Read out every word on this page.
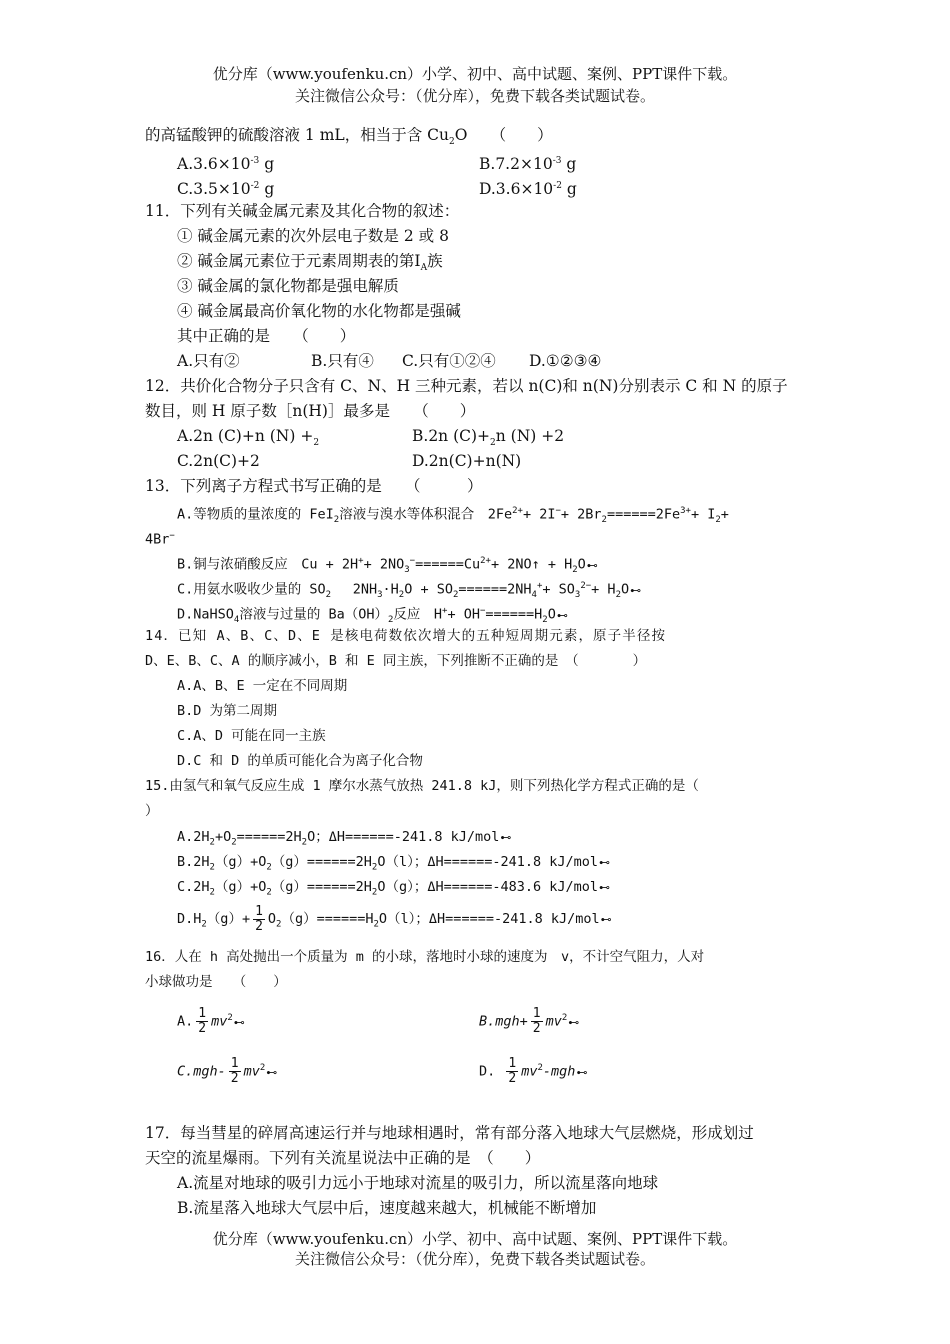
优分库（www.youfenku.cn）小学、初中、高中试题、案例、PPT课件下载。
关注微信公众号：（优分库），免费下载各类试题试卷。
的高锰酸钾的硫酸溶液 1 mL，相当于含 $Cu_2O$　　（　　）
$A.3.6\times 10^{-3}$ g	$B.7.2\times 10^{-3}$ g
$C.3.5\times 10^{-2}$ g	$D.3.6\times 10^{-2}$ g
11．下列有关碱金属元素及其化合物的叙述：
① 碱金属元素的次外层电子数是 2 或 8
② 碱金属元素位于元素周期表的第$Ⅰ_A$族
③ 碱金属的氯化物都是强电解质
④ 碱金属最高价氧化物的水化物都是强碱
其中正确的是　　（　　）
A.只有②	B.只有④ C.只有①②④ D.①②③④
12．共价化合物分子只含有 C、N、H 三种元素，若以 n(C)和 n(N)分别表示 C 和 N 的原子
数目，则 H 原子数［n(H)］最多是　　（　　）
A.2n (C)+n $(N) +_2$	B.2n $(C)+_2n$ (N) +2
C.2n(C)+2	D.2n(C)+n(N)
13．下列离子方程式书写正确的是　　（　　　）
A.等物质的量浓度的 FeI$_2$溶液与溴水等体积混合　$2Fe^{2+}+ 2I^-+ 2Br_2======2Fe^{3+}+ I_2+$
4Br−
B.铜与浓硝酸反应　$Cu + 2H^++ 2NO_3^-======Cu^{2+}+$ 2NO↑ + $H_2O⊷$
C.用氨水吸收少量的 $SO_2$　 $2NH_3\cdot H_2O + SO_2======2NH_4^++ SO_3^{2-}+$ $H_2O⊷$
D.NaHSO$_4$溶液与过量的 $Ba(OH)_2$反应　$H^++ OH^-======H_2O⊷$
14．已知 A、B、C、D、E 是核电荷数依次增大的五种短周期元素，原子半径按
D、E、B、C、A 的顺序减小，B 和 E 同主族，下列推断不正确的是　（　　　　）
A.A、B、E 一定在不同周期
B.D 为第二周期
C.A、D 可能在同一主族
D.C 和 D 的单质可能化合为离子化合物
15.由氢气和氧气反应生成 1 摩尔水蒸气放热 241.8 kJ，则下列热化学方程式正确的是（
）
$A.2H_2+O_2======2H_2O$；ΔH======-241.8 kJ/mol⊷
$B.2H_2(g)+O_2(g)======2H_2O(l)$；ΔH======-241.8 kJ/mol⊷
$C.2H_2(g)+O_2(g)======2H_2O(g)$；ΔH======-483.6 kJ/mol⊷
$D.H_2(g)+ \frac{1}{2} O_2(g)======H_2O(l)$；ΔH======-241.8 kJ/mol⊷
16．人在 h 高处抛出一个质量为 m 的小球，落地时小球的速度为　v，不计空气阻力，人对
小球做功是　　（　　）
A. $\frac{1}{2}$ $mv^2⊷$	$B.mgh+ \frac{1}{2}$ $mv^2⊷$
$C.mgh- \frac{1}{2}$ $mv^2⊷$	D. $\frac{1}{2}$ $mv^2-mgh⊷$
17．每当彗星的碎屑高速运行并与地球相遇时，常有部分落入地球大气层燃烧，形成划过
天空的流星爆雨。下列有关流星说法中正确的是　（　　）
A.流星对地球的吸引力远小于地球对流星的吸引力，所以流星落向地球
B.流星落入地球大气层中后，速度越来越大，机械能不断增加
优分库（www.youfenku.cn）小学、初中、高中试题、案例、PPT课件下载。
关注微信公众号：（优分库），免费下载各类试题试卷。
